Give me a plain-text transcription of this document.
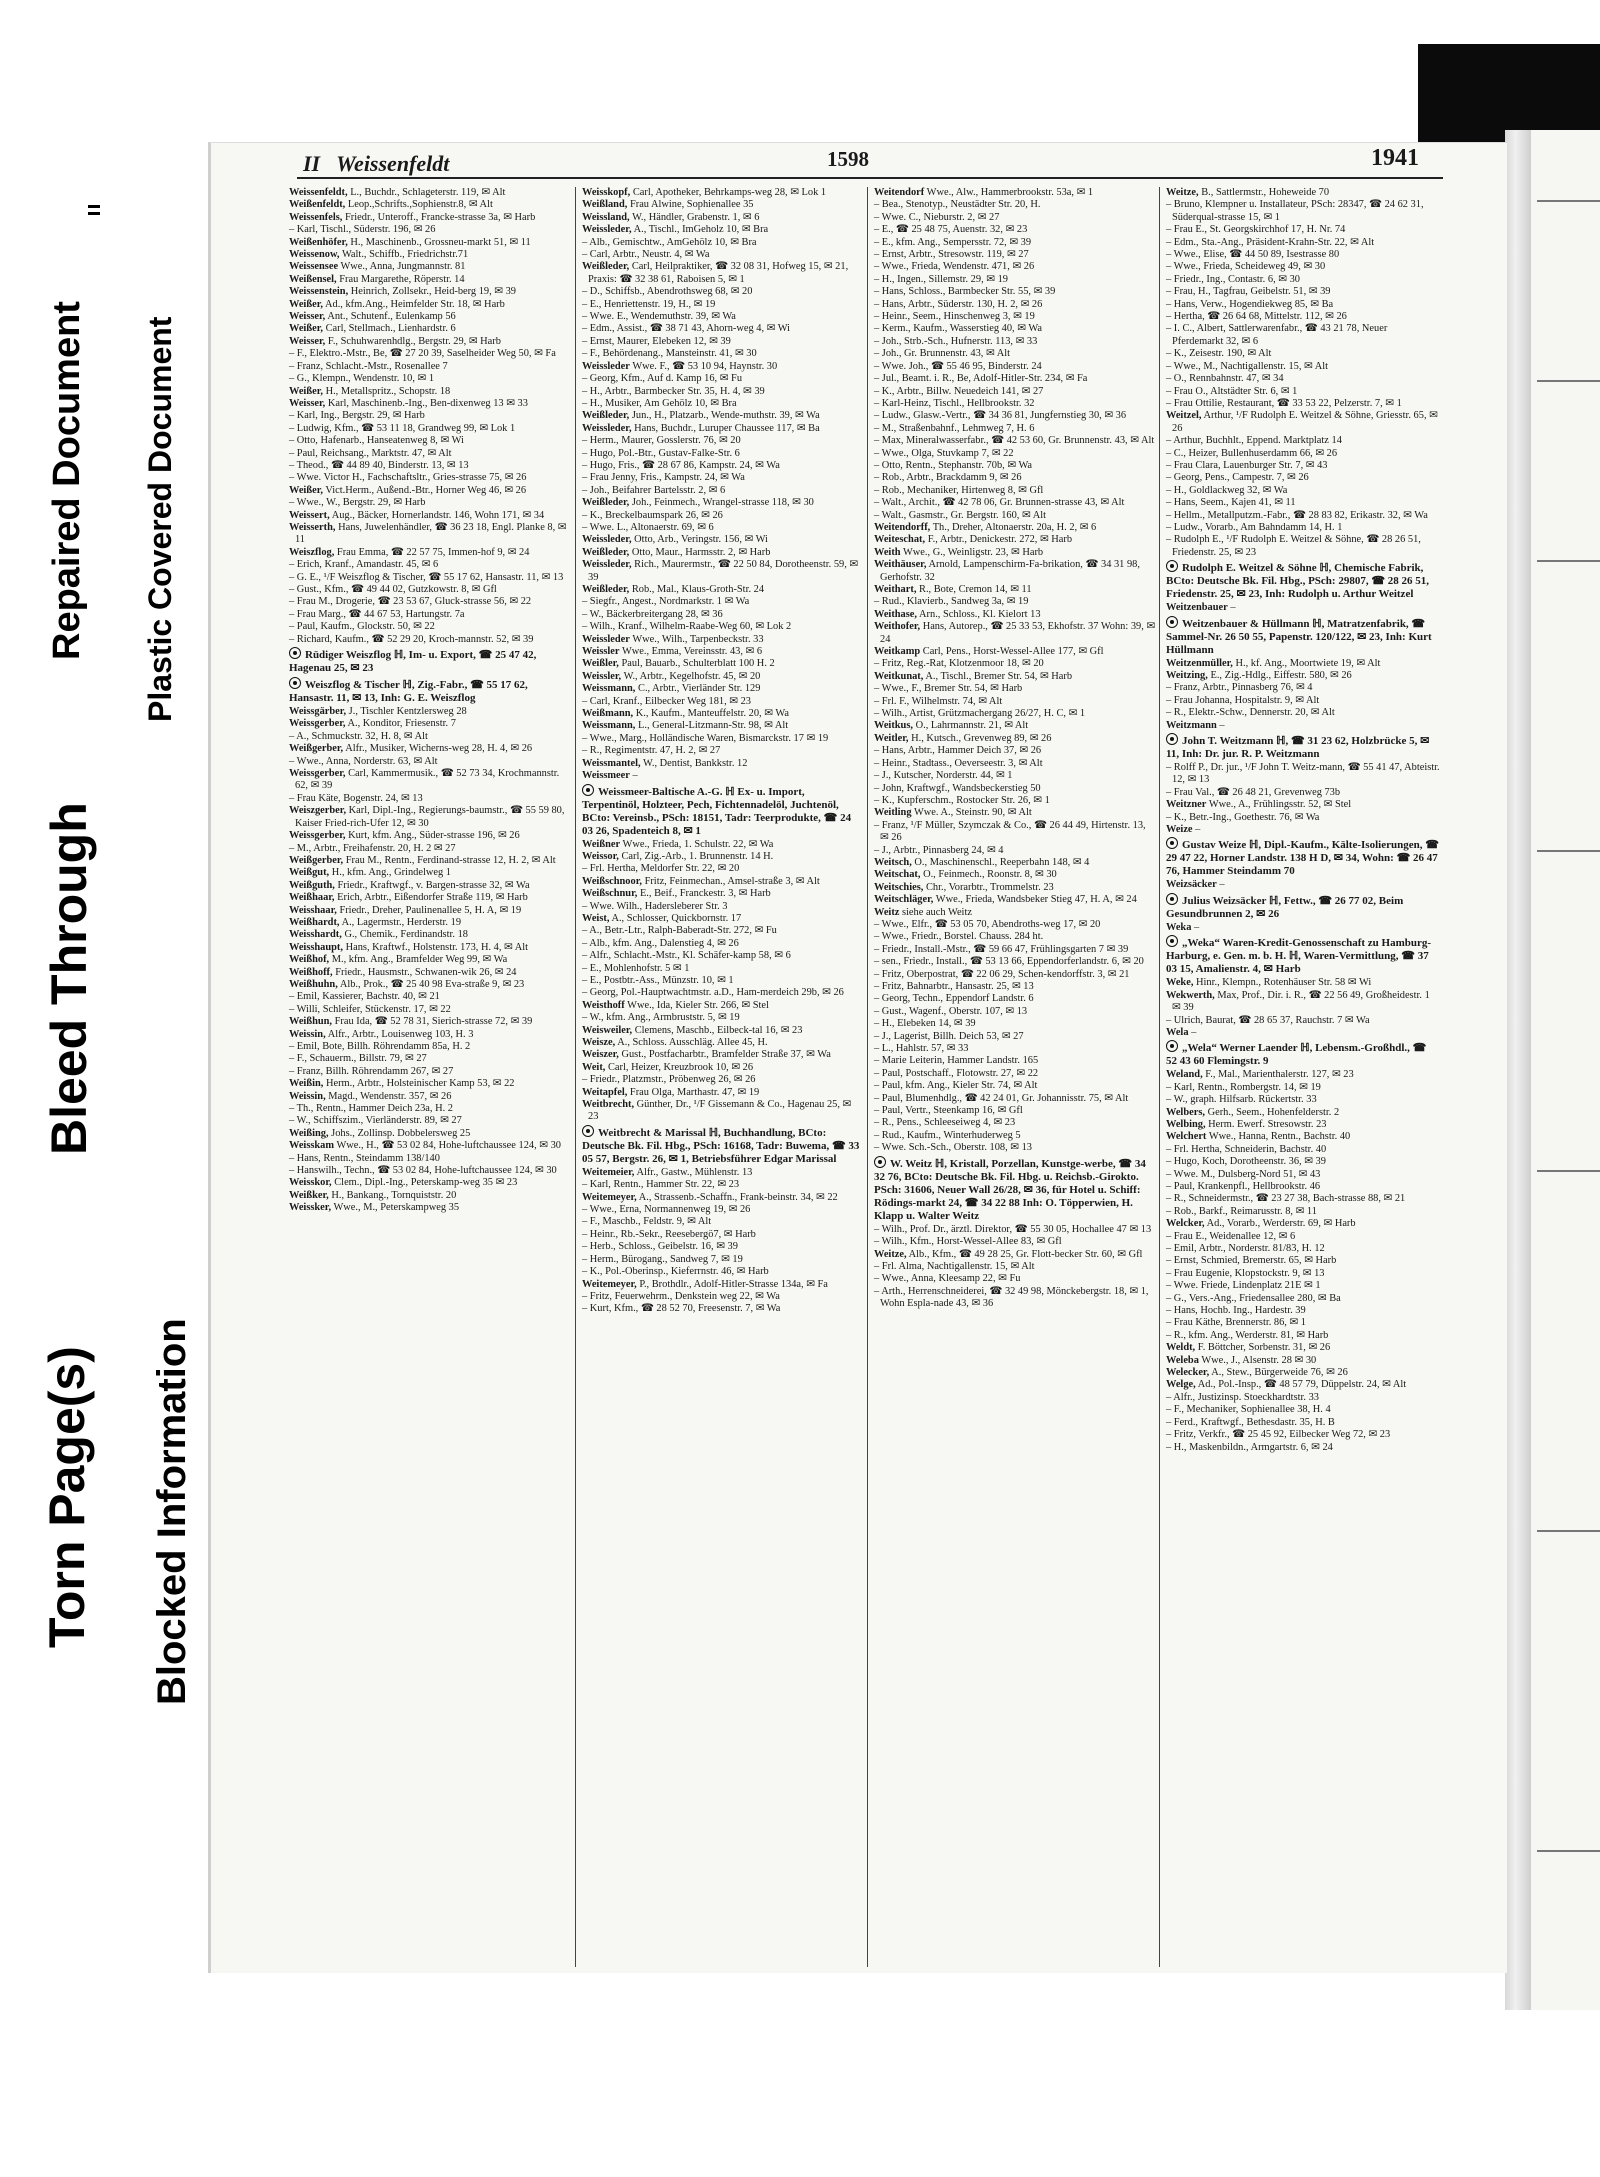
Torn Page(s)
Bleed Through
Repaired Document
Blocked Information
Plastic Covered Document
II Weissenfeldt	1598	1941
Weissenfeldt, L., Buchdr., Schlageterstr. 119, ✉ Alt
Weißenfeldt, Leop.,Schrifts.,Sophienstr.8, ✉ Alt
Weissenfels, Friedr., Unteroff., Francke-strasse 3a, ✉ Harb
– Karl, Tischl., Süderstr. 196, ✉ 26
Weißenhöfer, H., Maschinenb., Grossneu-markt 51, ✉ 11
Weissenow, Walt., Schiffb., Friedrichstr.71
Weissensee Wwe., Anna, Jungmannstr. 81
Weißensel, Frau Margarethe, Röperstr. 14
Weissenstein, Heinrich, Zollsekr., Heid-berg 19, ✉ 39
Weißer, Ad., kfm.Ang., Heimfelder Str. 18, ✉ Harb
Weisser, Ant., Schutenf., Eulenkamp 56
Weißer, Carl, Stellmach., Lienhardstr. 6
Weisser, F., Schuhwarenhdlg., Bergstr. 29, ✉ Harb
– F., Elektro.-Mstr., Be, ☎ 27 20 39, Saselheider Weg 50, ✉ Fa
– Franz, Schlacht.-Mstr., Rosenallee 7
– G., Klempn., Wendenstr. 10, ✉ 1
Weißer, H., Metallspritz., Schopstr. 18
Weisser, Karl, Maschinenb.-Ing., Ben-dixenweg 13 ✉ 33
– Karl, Ing., Bergstr. 29, ✉ Harb
– Ludwig, Kfm., ☎ 53 11 18, Grandweg 99, ✉ Lok 1
– Otto, Hafenarb., Hanseatenweg 8, ✉ Wi
– Paul, Reichsang., Marktstr. 47, ✉ Alt
– Theod., ☎ 44 89 40, Binderstr. 13, ✉ 13
– Wwe. Victor H., Fachschaftsltr., Gries-strasse 75, ✉ 26
Weißer, Vict.Herm., Außend.-Btr., Horner Weg 46, ✉ 26
– Wwe., W., Bergstr. 29, ✉ Harb
Weissert, Aug., Bäcker, Hornerlandstr. 146, Wohn 171, ✉ 34
Weisserth, Hans, Juwelenhändler, ☎ 36 23 18, Engl. Planke 8, ✉ 11
Weiszflog, Frau Emma, ☎ 22 57 75, Immen-hof 9, ✉ 24
– Erich, Kranf., Amandastr. 45, ✉ 6
– G. E., ¹/F Weiszflog & Tischer, ☎ 55 17 62, Hansastr. 11, ✉ 13
– Gust., Kfm., ☎ 49 44 02, Gutzkowstr. 8, ✉ Gfl
– Frau M., Drogerie, ☎ 23 53 67, Gluck-strasse 56, ✉ 22
– Frau Marg., ☎ 44 67 53, Hartungstr. 7a
– Paul, Kaufm., Glockstr. 50, ✉ 22
– Richard, Kaufm., ☎ 52 29 20, Kroch-mannstr. 52, ✉ 39
Rüdiger Weiszflog ℍ, Im- u. Export, ☎ 25 47 42, Hagenau 25, ✉ 23
Weiszflog & Tischer ℍ, Zig.-Fabr., ☎ 55 17 62, Hansastr. 11, ✉ 13, Inh: G. E. Weiszflog
Weissgärber, J., Tischler Kentzlersweg 28
Weissgerber, A., Konditor, Friesenstr. 7
– A., Schmuckstr. 32, H. 8, ✉ Alt
Weißgerber, Alfr., Musiker, Wicherns-weg 28, H. 4, ✉ 26
– Wwe., Anna, Norderstr. 63, ✉ Alt
Weissgerber, Carl, Kammermusik., ☎ 52 73 34, Krochmannstr. 62, ✉ 39
– Frau Käte, Bogenstr. 24, ✉ 13
Weiszgerber, Karl, Dipl.-Ing., Regierungs-baumstr., ☎ 55 59 80, Kaiser Fried-rich-Ufer 12, ✉ 30
Weissgerber, Kurt, kfm. Ang., Süder-strasse 196, ✉ 26
– M., Arbtr., Freihafenstr. 20, H. 2 ✉ 27
Weißgerber, Frau M., Rentn., Ferdinand-strasse 12, H. 2, ✉ Alt
Weißgut, H., kfm. Ang., Grindelweg 1
Weißguth, Friedr., Kraftwgf., v. Bargen-strasse 32, ✉ Wa
Weißhaar, Erich, Arbtr., Eißendorfer Straße 119, ✉ Harb
Weisshaar, Friedr., Dreher, Paulinenallee 5, H. A, ✉ 19
Weißhardt, A., Lagermstr., Herderstr. 19
Weisshardt, G., Chemik., Ferdinandstr. 18
Weisshaupt, Hans, Kraftwf., Holstenstr. 173, H. 4, ✉ Alt
Weißhof, M., kfm. Ang., Bramfelder Weg 99, ✉ Wa
Weißhoff, Friedr., Hausmstr., Schwanen-wik 26, ✉ 24
Weißhuhn, Alb., Prok., ☎ 25 40 98 Eva-straße 9, ✉ 23
– Emil, Kassierer, Bachstr. 40, ✉ 21
– Willi, Schleifer, Stückenstr. 17, ✉ 22
Weißhun, Frau Ida, ☎ 52 78 31, Sierich-strasse 72, ✉ 39
Weissin, Alfr., Arbtr., Louisenweg 103, H. 3
– Emil, Bote, Billh. Röhrendamm 85a, H. 2
– F., Schauerm., Billstr. 79, ✉ 27
– Franz, Billh. Röhrendamm 267, ✉ 27
Weißin, Herm., Arbtr., Holsteinischer Kamp 53, ✉ 22
Weissin, Magd., Wendenstr. 357, ✉ 26
– Th., Rentn., Hammer Deich 23a, H. 2
– W., Schiffszim., Vierländerstr. 89, ✉ 27
Weißing, Johs., Zollinsp. Dobbelersweg 25
Weisskam Wwe., H., ☎ 53 02 84, Hohe-luftchaussee 124, ✉ 30
– Hans, Rentn., Steindamm 138/140
– Hanswilh., Techn., ☎ 53 02 84, Hohe-luftchaussee 124, ✉ 30
Weisskor, Clem., Dipl.-Ing., Peterskamp-weg 35 ✉ 23
Weißker, H., Bankang., Tornquiststr. 20
Weissker, Wwe., M., Peterskampweg 35
Weisskopf, Carl, Apotheker, Behrkamps-weg 28, ✉ Lok 1
Weißland, Frau Alwine, Sophienallee 35
Weissland, W., Händler, Grabenstr. 1, ✉ 6
Weissleder, A., Tischl., ImGeholz 10, ✉ Bra
– Alb., Gemischtw., AmGehölz 10, ✉ Bra
– Carl, Arbtr., Neustr. 4, ✉ Wa
Weißleder, Carl, Heilpraktiker, ☎ 32 08 31, Hofweg 15, ✉ 21, Praxis: ☎ 32 38 61, Raboisen 5, ✉ 1
– D., Schiffsb., Abendrothsweg 68, ✉ 20
– E., Henriettenstr. 19, H., ✉ 19
– Wwe. E., Wendemuthstr. 39, ✉ Wa
– Edm., Assist., ☎ 38 71 43, Ahorn-weg 4, ✉ Wi
– Ernst, Maurer, Elebeken 12, ✉ 39
– F., Behördenang., Mansteinstr. 41, ✉ 30
Weissleder Wwe. F., ☎ 53 10 94, Haynstr. 30
– Georg, Kfm., Auf d. Kamp 16, ✉ Fu
– H., Arbtr., Barmbecker Str. 35, H. 4, ✉ 39
– H., Musiker, Am Gehölz 10, ✉ Bra
Weißleder, Jun., H., Platzarb., Wende-muthstr. 39, ✉ Wa
Weissleder, Hans, Buchdr., Luruper Chaussee 117, ✉ Ba
– Herm., Maurer, Gosslerstr. 76, ✉ 20
– Hugo, Pol.-Btr., Gustav-Falke-Str. 6
– Hugo, Fris., ☎ 28 67 86, Kampstr. 24, ✉ Wa
– Frau Jenny, Fris., Kampstr. 24, ✉ Wa
– Joh., Beifahrer Bartelsstr. 2, ✉ 6
Weißleder, Joh., Feinmech., Wrangel-strasse 118, ✉ 30
– K., Breckelbaumspark 26, ✉ 26
– Wwe. L., Altonaerstr. 69, ✉ 6
Weissleder, Otto, Arb., Veringstr. 156, ✉ Wi
Weißleder, Otto, Maur., Harmsstr. 2, ✉ Harb
Weissleder, Rich., Maurermstr., ☎ 22 50 84, Dorotheenstr. 59, ✉ 39
Weißleder, Rob., Mal., Klaus-Groth-Str. 24
– Siegfr., Angest., Nordmarkstr. 1 ✉ Wa
– W., Bäckerbreitergang 28, ✉ 36
– Wilh., Kranf., Wilhelm-Raabe-Weg 60, ✉ Lok 2
Weissleder Wwe., Wilh., Tarpenbeckstr. 33
Weissler Wwe., Emma, Vereinsstr. 43, ✉ 6
Weißler, Paul, Bauarb., Schulterblatt 100 H. 2
Weissler, W., Arbtr., Kegelhofstr. 45, ✉ 20
Weissmann, C., Arbtr., Vierländer Str. 129
– Carl, Kranf., Eilbecker Weg 181, ✉ 23
Weißmann, K., Kaufm., Manteuffelstr. 20, ✉ Wa
Weissmann, L., General-Litzmann-Str. 98, ✉ Alt
– Wwe., Marg., Holländische Waren, Bismarckstr. 17 ✉ 19
– R., Regimentstr. 47, H. 2, ✉ 27
Weissmantel, W., Dentist, Bankkstr. 12
Weissmeer –
Weissmeer-Baltische A.-G. ℍ Ex- u. Import, Terpentinöl, Holzteer, Pech, Fichtennadelöl, Juchtenöl, BCto: Vereinsb., PSch: 18151, Tadr: Teerprodukte, ☎ 24 03 26, Spadenteich 8, ✉ 1
Weißner Wwe., Frieda, 1. Schulstr. 22, ✉ Wa
Weissor, Carl, Zig.-Arb., 1. Brunnenstr. 14 H.
– Frl. Hertha, Meldorfer Str. 22, ✉ 20
Weißschnoor, Fritz, Feinmechan., Amsel-straße 3, ✉ Alt
Weißschnur, E., Beif., Franckestr. 3, ✉ Harb
– Wwe. Wilh., Hadersleberer Str. 3
Weist, A., Schlosser, Quickbornstr. 17
– A., Betr.-Ltr., Ralph-Baberadt-Str. 272, ✉ Fu
– Alb., kfm. Ang., Dalenstieg 4, ✉ 26
– Alfr., Schlacht.-Mstr., Kl. Schäfer-kamp 58, ✉ 6
– E., Mohlenhofstr. 5 ✉ 1
– E., Postbtr.-Ass., Münzstr. 10, ✉ 1
– Georg, Pol.-Hauptwachtmstr. a.D., Ham-merdeich 29b, ✉ 26
Weisthoff Wwe., Ida, Kieler Str. 266, ✉ Stel
– W., kfm. Ang., Armbruststr. 5, ✉ 19
Weisweiler, Clemens, Maschb., Eilbeck-tal 16, ✉ 23
Weisze, A., Schloss. Ausschläg. Allee 45, H.
Weiszer, Gust., Postfacharbtr., Bramfelder Straße 37, ✉ Wa
Weit, Carl, Heizer, Kreuzbrook 10, ✉ 26
– Friedr., Platzmstr., Pröbenweg 26, ✉ 26
Weitapfel, Frau Olga, Marthastr. 47, ✉ 19
Weitbrecht, Günther, Dr., ¹/F Gissemann & Co., Hagenau 25, ✉ 23
Weitbrecht & Marissal ℍ, Buchhandlung, BCto: Deutsche Bk. Fil. Hbg., PSch: 16168, Tadr: Buwema, ☎ 33 05 57, Bergstr. 26, ✉ 1, Betriebsführer Edgar Marissal
Weitemeier, Alfr., Gastw., Mühlenstr. 13
– Karl, Rentn., Hammer Str. 22, ✉ 23
Weitemeyer, A., Strassenb.-Schaffn., Frank-beinstr. 34, ✉ 22
– Wwe., Erna, Normannenweg 19, ✉ 26
– F., Maschb., Feldstr. 9, ✉ Alt
– Heinr., Rb.-Sekr., Reesebergö7, ✉ Harb
– Herb., Schloss., Geibelstr. 16, ✉ 39
– Herm., Bürogang., Sandweg 7, ✉ 19
– K., Pol.-Oberinsp., Kieferrnstr. 46, ✉ Harb
Weitemeyer, P., Brothdlr., Adolf-Hitler-Strasse 134a, ✉ Fa
– Fritz, Feuerwehrm., Denkstein weg 22, ✉ Wa
– Kurt, Kfm., ☎ 28 52 70, Freesenstr. 7, ✉ Wa
Weitendorf Wwe., Alw., Hammerbrookstr. 53a, ✉ 1
– Bea., Stenotyp., Neustädter Str. 20, H.
– Wwe. C., Nieburstr. 2, ✉ 27
– E., ☎ 25 48 75, Auenstr. 32, ✉ 23
– E., kfm. Ang., Sempersstr. 72, ✉ 39
– Ernst, Arbtr., Stresowstr. 119, ✉ 27
– Wwe., Frieda, Wendenstr. 471, ✉ 26
– H., Ingen., Sillemstr. 29, ✉ 19
– Hans, Schloss., Barmbecker Str. 55, ✉ 39
– Hans, Arbtr., Süderstr. 130, H. 2, ✉ 26
– Heinr., Seem., Hinschenweg 3, ✉ 19
– Kerm., Kaufm., Wasserstieg 40, ✉ Wa
– Joh., Strb.-Sch., Hufnerstr. 113, ✉ 33
– Joh., Gr. Brunnenstr. 43, ✉ Alt
– Wwe. Joh., ☎ 55 46 95, Binderstr. 24
– Jul., Beamt. i. R., Be, Adolf-Hitler-Str. 234, ✉ Fa
– K., Arbtr., Billw. Neuedeich 141, ✉ 27
– Karl-Heinz, Tischl., Hellbrookstr. 32
– Ludw., Glasw.-Vertr., ☎ 34 36 81, Jungfernstieg 30, ✉ 36
– M., Straßenbahnf., Lehmweg 7, H. 6
– Max, Mineralwasserfabr., ☎ 42 53 60, Gr. Brunnenstr. 43, ✉ Alt
– Wwe., Olga, Stuvkamp 7, ✉ 22
– Otto, Rentn., Stephanstr. 70b, ✉ Wa
– Rob., Arbtr., Brackdamm 9, ✉ 26
– Rob., Mechaniker, Hirtenweg 8, ✉ Gfl
– Walt., Archit., ☎ 42 78 06, Gr. Brunnen-strasse 43, ✉ Alt
– Walt., Gasmstr., Gr. Bergstr. 160, ✉ Alt
Weitendorff, Th., Dreher, Altonaerstr. 20a, H. 2, ✉ 6
Weiteschat, F., Arbtr., Denickestr. 272, ✉ Harb
Weith Wwe., G., Weinligstr. 23, ✉ Harb
Weithäuser, Arnold, Lampenschirm-Fa-brikation, ☎ 34 31 98, Gerhofstr. 32
Weithart, R., Bote, Cremon 14, ✉ 11
– Rud., Klavierb., Sandweg 3a, ✉ 19
Weithase, Arn., Schloss., Kl. Kielort 13
Weithofer, Hans, Autorep., ☎ 25 33 53, Ekhofstr. 37 Wohn: 39, ✉ 24
Weitkamp Carl, Pens., Horst-Wessel-Allee 177, ✉ Gfl
– Fritz, Reg.-Rat, Klotzenmoor 18, ✉ 20
Weitkunat, A., Tischl., Bremer Str. 54, ✉ Harb
– Wwe., F., Bremer Str. 54, ✉ Harb
– Frl. F., Wilhelmstr. 74, ✉ Alt
– Wilh., Artist, Grützmachergang 26/27, H. C, ✉ 1
Weitkus, O., Lahrmannstr. 21, ✉ Alt
Weitler, H., Kutsch., Grevenweg 89, ✉ 26
– Hans, Arbtr., Hammer Deich 37, ✉ 26
– Heinr., Stadtass., Oeverseestr. 3, ✉ Alt
– J., Kutscher, Norderstr. 44, ✉ 1
– John, Kraftwgf., Wandsbeckerstieg 50
– K., Kupferschm., Rostocker Str. 26, ✉ 1
Weitling Wwe. A., Steinstr. 90, ✉ Alt
– Franz, ¹/F Müller, Szymczak & Co., ☎ 26 44 49, Hirtenstr. 13, ✉ 26
– J., Arbtr., Pinnasberg 24, ✉ 4
Weitsch, O., Maschinenschl., Reeperbahn 148, ✉ 4
Weitschat, O., Feinmech., Roonstr. 8, ✉ 30
Weitschies, Chr., Vorarbtr., Trommelstr. 23
Weitschläger, Wwe., Frieda, Wandsbeker Stieg 47, H. A, ✉ 24
Weitz siehe auch Weitz
– Wwe., Elfr., ☎ 53 05 70, Abendroths-weg 17, ✉ 20
– Wwe., Friedr., Borstel. Chauss. 284 ht.
– Friedr., Install.-Mstr., ☎ 59 66 47, Frühlingsgarten 7 ✉ 39
– sen., Friedr., Install., ☎ 53 13 66, Eppendorferlandstr. 6, ✉ 20
– Fritz, Oberpostrat, ☎ 22 06 29, Schen-kendorffstr. 3, ✉ 21
– Fritz, Bahnarbtr., Hansastr. 25, ✉ 13
– Georg, Techn., Eppendorf Landstr. 6
– Gust., Wagenf., Oberstr. 107, ✉ 13
– H., Elebeken 14, ✉ 39
– J., Lagerist, Billh. Deich 53, ✉ 27
– L., Hahlstr. 57, ✉ 33
– Marie Leiterin, Hammer Landstr. 165
– Paul, Postschaff., Flotowstr. 27, ✉ 22
– Paul, kfm. Ang., Kieler Str. 74, ✉ Alt
– Paul, Blumenhdlg., ☎ 42 24 01, Gr. Johannisstr. 75, ✉ Alt
– Paul, Vertr., Steenkamp 16, ✉ Gfl
– R., Pens., Schleeseiweg 4, ✉ 23
– Rud., Kaufm., Winterhuderweg 5
– Wwe. Sch.-Sch., Oberstr. 108, ✉ 13
W. Weitz ℍ, Kristall, Porzellan, Kunstge-werbe, ☎ 34 32 76, BCto: Deutsche Bk. Fil. Hbg. u. Reichsb.-Girokto. PSch: 31606, Neuer Wall 26/28, ✉ 36, für Hotel u. Schiff: Rödings-markt 24, ☎ 34 22 88 Inh: O. Töpperwien, H. Klapp u. Walter Weitz
– Wilh., Prof. Dr., ärztl. Direktor, ☎ 55 30 05, Hochallee 47 ✉ 13
– Wilh., Kfm., Horst-Wessel-Allee 83, ✉ Gfl
Weitze, Alb., Kfm., ☎ 49 28 25, Gr. Flott-becker Str. 60, ✉ Gfl
– Frl. Alma, Nachtigallenstr. 15, ✉ Alt
– Wwe., Anna, Kleesamp 22, ✉ Fu
– Arth., Herrenschneiderei, ☎ 32 49 98, Mönckebergstr. 18, ✉ 1, Wohn Espla-nade 43, ✉ 36
Weitze, B., Sattlermstr., Hoheweide 70
– Bruno, Klempner u. Installateur, PSch: 28347, ☎ 24 62 31, Süderqual-strasse 15, ✉ 1
– Frau E., St. Georgskirchhof 17, H. Nr. 74
– Edm., Sta.-Ang., Präsident-Krahn-Str. 22, ✉ Alt
– Wwe., Elise, ☎ 44 50 89, Isestrasse 80
– Wwe., Frieda, Scheideweg 49, ✉ 30
– Friedr., Ing., Contastr. 6, ✉ 30
– Frau, H., Tagfrau, Geibelstr. 51, ✉ 39
– Hans, Verw., Hogendiekweg 85, ✉ Ba
– Hertha, ☎ 26 64 68, Mittelstr. 112, ✉ 26
– I. C., Albert, Sattlerwarenfabr., ☎ 43 21 78, Neuer Pferdemarkt 32, ✉ 6
– K., Zeisestr. 190, ✉ Alt
– Wwe., M., Nachtigallenstr. 15, ✉ Alt
– O., Rennbahnstr. 47, ✉ 34
– Frau O., Altstädter Str. 6, ✉ 1
– Frau Ottilie, Restaurant, ☎ 33 53 22, Pelzerstr. 7, ✉ 1
Weitzel, Arthur, ¹/F Rudolph E. Weitzel & Söhne, Griesstr. 65, ✉ 26
– Arthur, Buchhlt., Eppend. Marktplatz 14
– C., Heizer, Bullenhuserdamm 66, ✉ 26
– Frau Clara, Lauenburger Str. 7, ✉ 43
– Georg, Pens., Campestr. 7, ✉ 26
– H., Goldlackweg 32, ✉ Wa
– Hans, Seem., Kajen 41, ✉ 11
– Hellm., Metallputzm.-Fabr., ☎ 28 83 82, Erikastr. 32, ✉ Wa
– Ludw., Vorarb., Am Bahndamm 14, H. 1
– Rudolph E., ¹/F Rudolph E. Weitzel & Söhne, ☎ 28 26 51, Friedenstr. 25, ✉ 23
Rudolph E. Weitzel & Söhne ℍ, Chemische Fabrik, BCto: Deutsche Bk. Fil. Hbg., PSch: 29807, ☎ 28 26 51, Friedenstr. 25, ✉ 23, Inh: Rudolph u. Arthur Weitzel
Weitzenbauer –
Weitzenbauer & Hüllmann ℍ, Matratzenfabrik, ☎ Sammel-Nr. 26 50 55, Papenstr. 120/122, ✉ 23, Inh: Kurt Hüllmann
Weitzenmüller, H., kf. Ang., Moortwiete 19, ✉ Alt
Weitzing, E., Zig.-Hdlg., Eiffestr. 580, ✉ 26
– Franz, Arbtr., Pinnasberg 76, ✉ 4
– Frau Johanna, Hospitalstr. 9, ✉ Alt
– R., Elektr.-Schw., Dennerstr. 20, ✉ Alt
Weitzmann –
John T. Weitzmann ℍ, ☎ 31 23 62, Holzbrücke 5, ✉ 11, Inh: Dr. jur. R. P. Weitzmann
– Rolff P., Dr. jur., ¹/F John T. Weitz-mann, ☎ 55 41 47, Abteistr. 12, ✉ 13
– Frau Val., ☎ 26 48 21, Grevenweg 73b
Weitzner Wwe., A., Frühlingsstr. 52, ✉ Stel
– K., Betr.-Ing., Goethestr. 76, ✉ Wa
Weize –
Gustav Weize ℍ, Dipl.-Kaufm., Kälte-Isolierungen, ☎ 29 47 22, Horner Landstr. 138 H D, ✉ 34, Wohn: ☎ 26 47 76, Hammer Steindamm 70
Weizsäcker –
Julius Weizsäcker ℍ, Fettw., ☎ 26 77 02, Beim Gesundbrunnen 2, ✉ 26
Weka –
„Weka“ Waren-Kredit-Genossenschaft zu Hamburg-Harburg, e. Gen. m. b. H. ℍ, Waren-Vermittlung, ☎ 37 03 15, Amalienstr. 4, ✉ Harb
Weke, Hinr., Klempn., Rotenhäuser Str. 58 ✉ Wi
Wekwerth, Max, Prof., Dir. i. R., ☎ 22 56 49, Großheidestr. 1 ✉ 39
– Ulrich, Baurat, ☎ 28 65 37, Rauchstr. 7 ✉ Wa
Wela –
„Wela“ Werner Laender ℍ, Lebensm.-Großhdl., ☎ 52 43 60 Flemingstr. 9
Weland, F., Mal., Marienthalerstr. 127, ✉ 23
– Karl, Rentn., Rombergstr. 14, ✉ 19
– W., graph. Hilfsarb. Rückertstr. 33
Welbers, Gerh., Seem., Hohenfelderstr. 2
Welbing, Herm. Ewerf. Stresowstr. 23
Welchert Wwe., Hanna, Rentn., Bachstr. 40
– Frl. Hertha, Schneiderin, Bachstr. 40
– Hugo, Koch, Dorotheenstr. 36, ✉ 39
– Wwe. M., Dulsberg-Nord 51, ✉ 43
– Paul, Krankenpfl., Hellbrookstr. 46
– R., Schneidermstr., ☎ 23 27 38, Bach-strasse 88, ✉ 21
– Rob., Barkf., Reimarusstr. 8, ✉ 11
Welcker, Ad., Vorarb., Werderstr. 69, ✉ Harb
– Frau E., Weidenallee 12, ✉ 6
– Emil, Arbtr., Norderstr. 81/83, H. 12
– Ernst, Schmied, Bremerstr. 65, ✉ Harb
– Frau Eugenie, Klopstockstr. 9, ✉ 13
– Wwe. Friede, Lindenplatz 21E ✉ 1
– G., Vers.-Ang., Friedensallee 280, ✉ Ba
– Hans, Hochb. Ing., Hardestr. 39
– Frau Käthe, Brennerstr. 86, ✉ 1
– R., kfm. Ang., Werderstr. 81, ✉ Harb
Weldt, F. Böttcher, Sorbenstr. 31, ✉ 26
Weleba Wwe., J., Alsenstr. 28 ✉ 30
Welecker, A., Stew., Bürgerweide 76, ✉ 26
Welge, Ad., Pol.-Insp., ☎ 48 57 79, Düppelstr. 24, ✉ Alt
– Alfr., Justizinsp. Stoeckhardtstr. 33
– F., Mechaniker, Sophienallee 38, H. 4
– Ferd., Kraftwgf., Bethesdastr. 35, H. B
– Fritz, Verkfr., ☎ 25 45 92, Eilbecker Weg 72, ✉ 23
– H., Maskenbildn., Armgartstr. 6, ✉ 24
